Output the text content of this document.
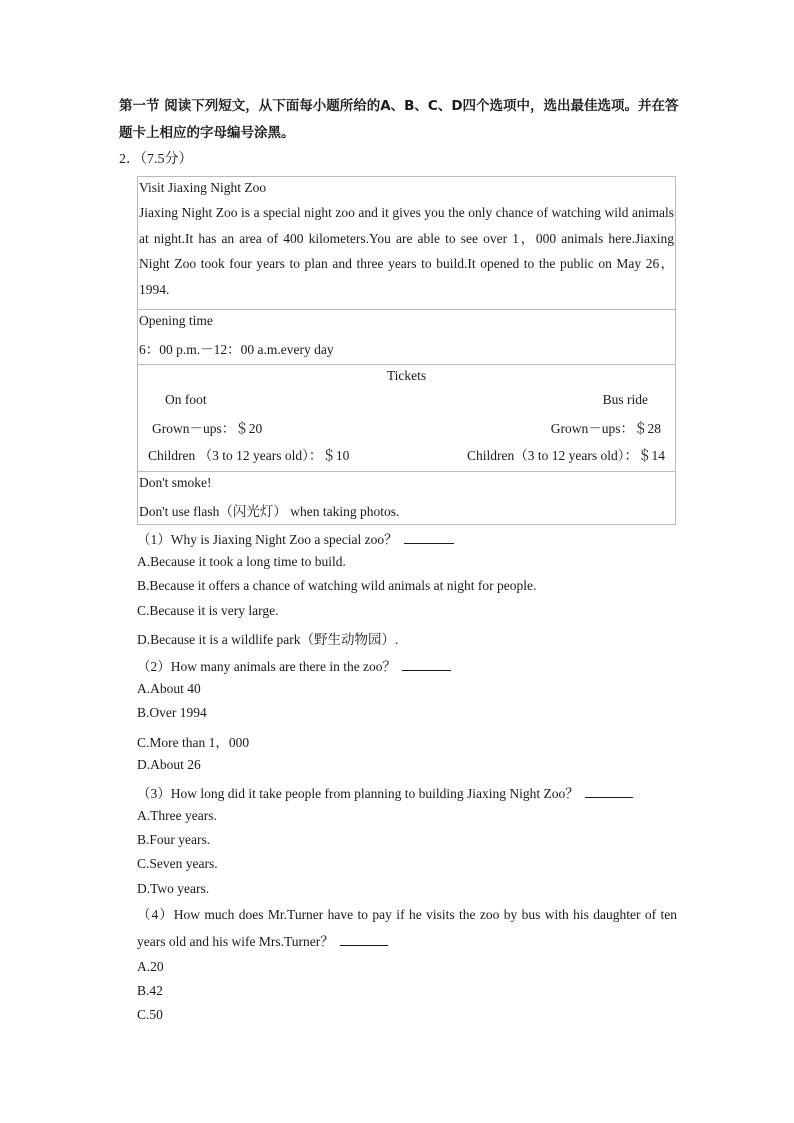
第一节 阅读下列短文，从下面每小题所给的A、B、C、D四个选项中，选出最佳选项。并在答题卡上相应的字母编号涂黑。
2．（7.5分）
Visit Jiaxing Night Zoo
Jiaxing Night Zoo is a special night zoo and it gives you the only chance of watching wild animals at night.It has an area of 400 kilometers.You are able to see over 1，000 animals here.Jiaxing Night Zoo took four years to plan and three years to build.It opened to the public on May 26，1994.
Opening time
6：00 p.m.－12：00 a.m.every day
Tickets
On foot	Bus ride
Grown－ups：＄20	Grown－ups：＄28
Children （3 to 12 years old）：＄10	Children（3 to 12 years old）：＄14
Don't smoke!
Don't use flash（闪光灯） when taking photos.
（1）Why is Jiaxing Night Zoo a special zoo？
A.Because it took a long time to build.
B.Because it offers a chance of watching wild animals at night for people.
C.Because it is very large.
D.Because it is a wildlife park（野生动物园）.
（2）How many animals are there in the zoo？
A.About 40
B.Over 1994
C.More than 1，000
D.About 26
（3）How long did it take people from planning to building Jiaxing Night Zoo？
A.Three years.
B.Four years.
C.Seven years.
D.Two years.
（4）How much does Mr.Turner have to pay if he visits the zoo by bus with his daughter of ten years old and his wife Mrs.Turner？
A.20
B.42
C.50
